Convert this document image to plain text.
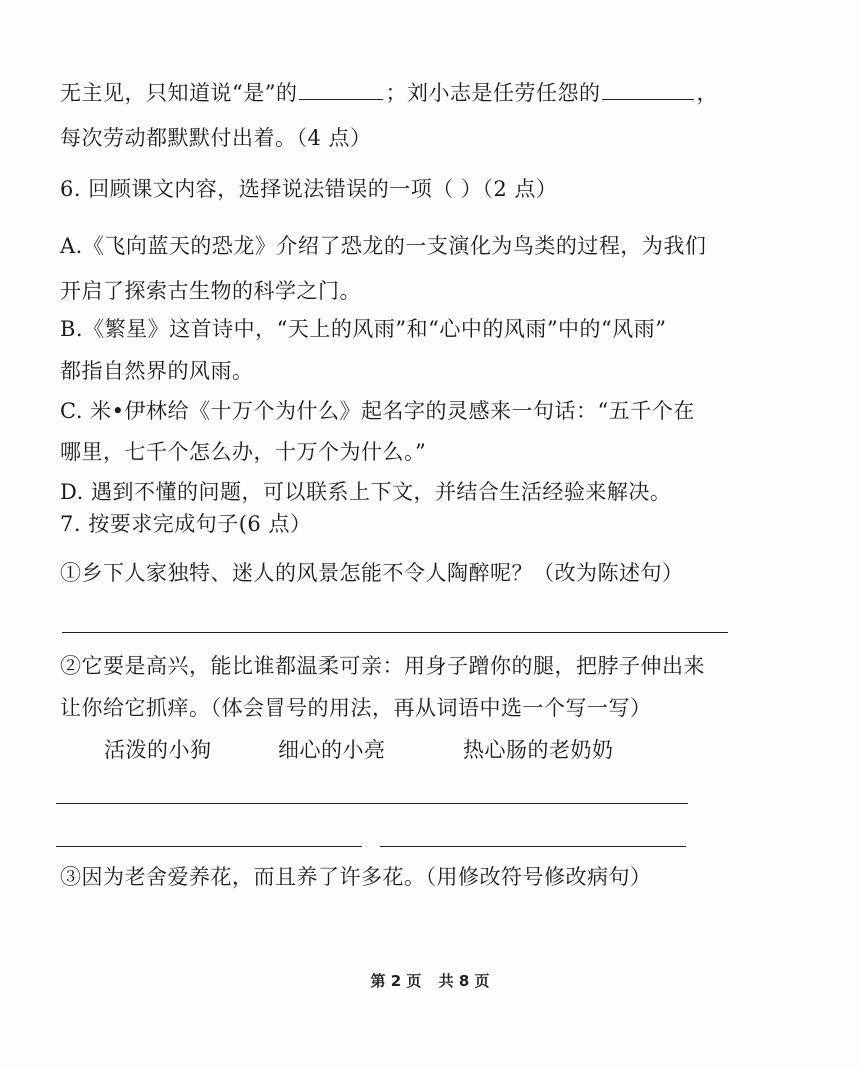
无主见，只知道说“是”的	；刘小志是任劳任怨的	，
每次劳动都默默付出着。（4 点）
6. 回顾课文内容，选择说法错误的一项（ ）（2 点）
A.《飞向蓝天的恐龙》介绍了恐龙的一支演化为鸟类的过程，为我们
开启了探索古生物的科学之门。
B.《繁星》这首诗中，“天上的风雨”和“心中的风雨”中的“风雨”
都指自然界的风雨。
C. 米•伊林给《十万个为什么》起名字的灵感来一句话：“五千个在
哪里，七千个怎么办，十万个为什么。”
D. 遇到不懂的问题，可以联系上下文，并结合生活经验来解决。
7. 按要求完成句子(6 点）
①乡下人家独特、迷人的风景怎能不令人陶醉呢？（改为陈述句）
②它要是高兴，能比谁都温柔可亲：用身子蹭你的腿，把脖子伸出来
让你给它抓痒。（体会冒号的用法，再从词语中选一个写一写）
活泼的小狗	细心的小亮	热心肠的老奶奶
③因为老舍爱养花，而且养了许多花。（用修改符号修改病句）
第 2 页 共 8 页
